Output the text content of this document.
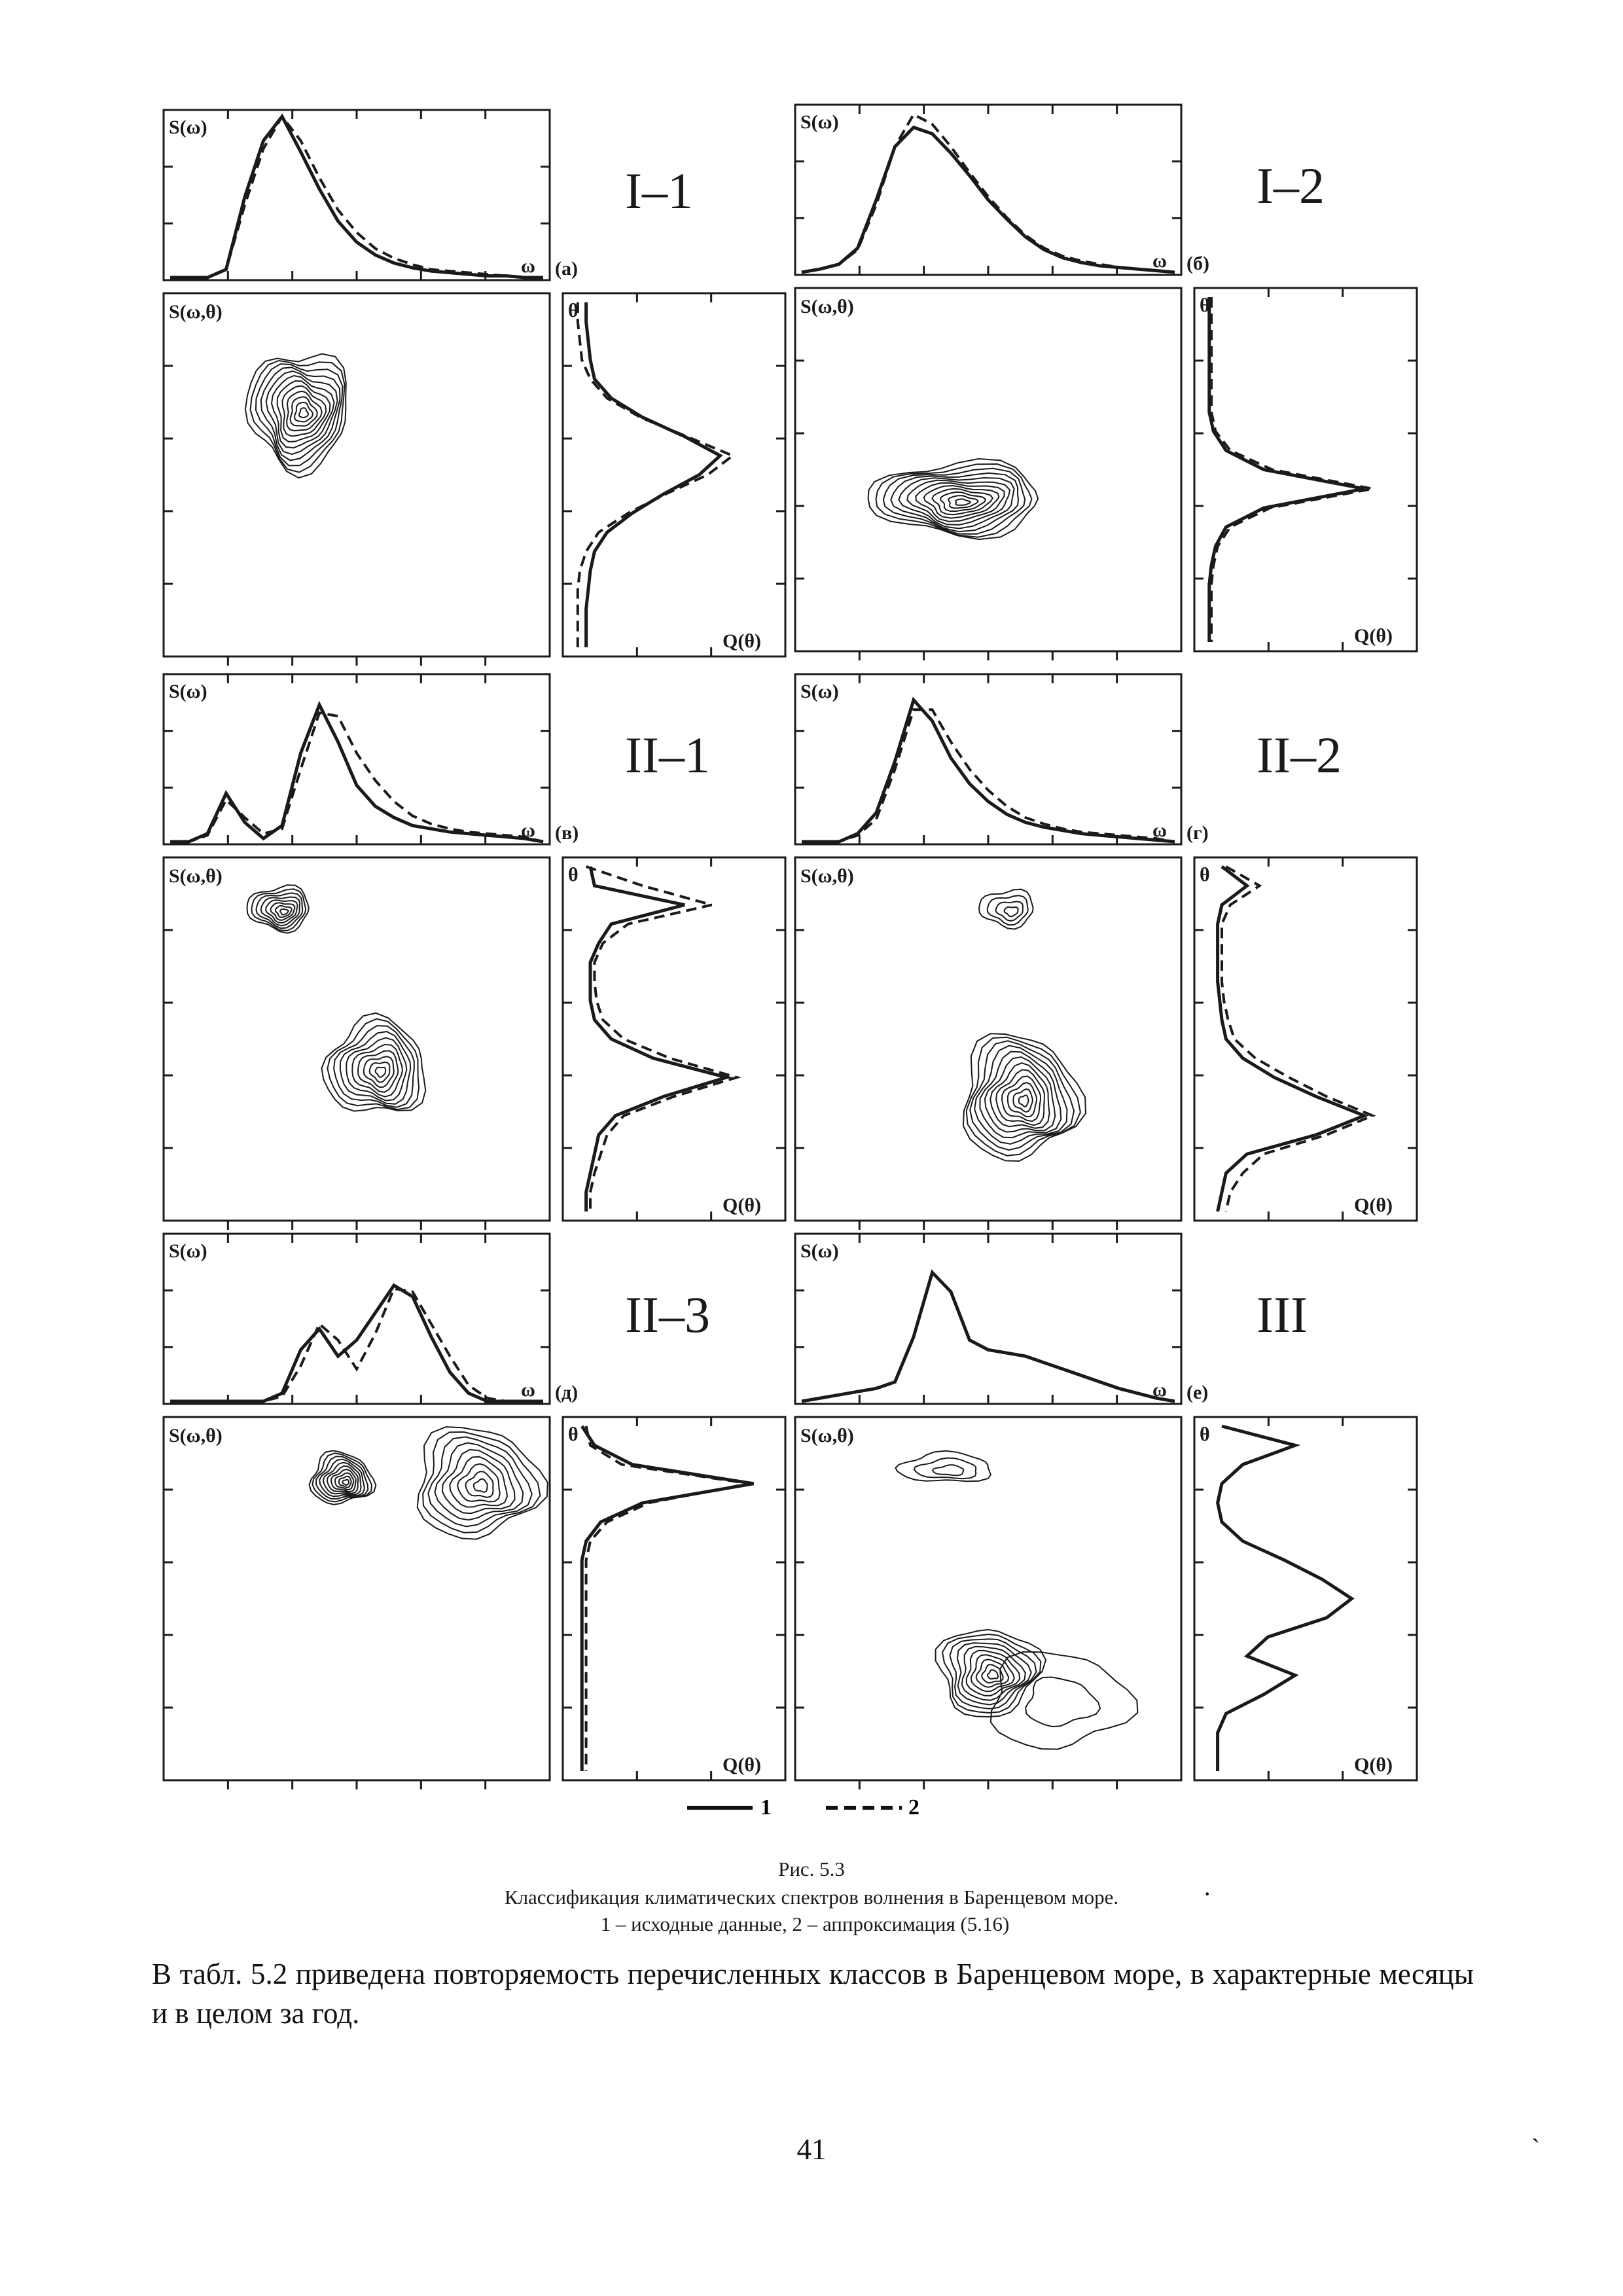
S(ω)
ω (а)
I–1
S(ω,θ)	θ
Q(θ)
S(ω)
ω (б)
I–2
S(ω,θ)	θ
Q(θ)
S(ω)
ω (в)
II–1
S(ω,θ)	θ
Q(θ)
S(ω)
ω (г)
II–2
S(ω,θ)	θ
Q(θ)
S(ω)
ω (д)
II–3
S(ω,θ)	θ
Q(θ)
S(ω)
ω (е)
III
S(ω,θ)	θ
Q(θ)
1	2
Рис. 5.3
Классификация климатических спектров волнения в Баренцевом море.
1 – исходные данные, 2 – аппроксимация (5.16)
В табл. 5.2 приведена повторяемость перечисленных классов в Баренцевом море, в характерные месяцы и в целом за год.
41
·
ˏ
